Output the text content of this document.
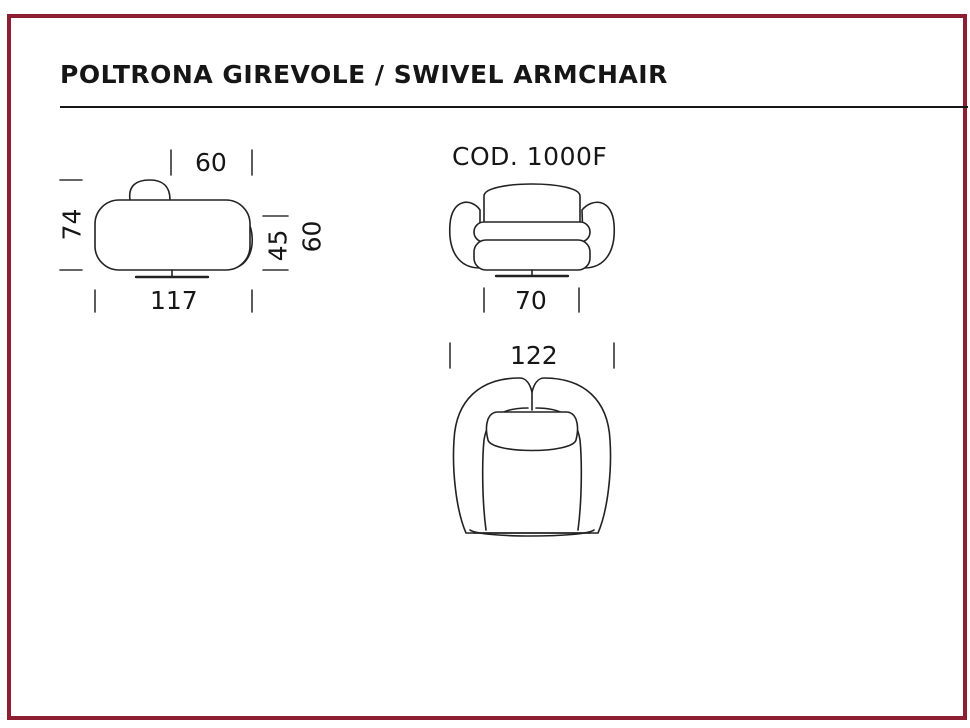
POLTRONA GIREVOLE / SWIVEL ARMCHAIR
COD. 1000F
60
74
45 60
117	70
122
